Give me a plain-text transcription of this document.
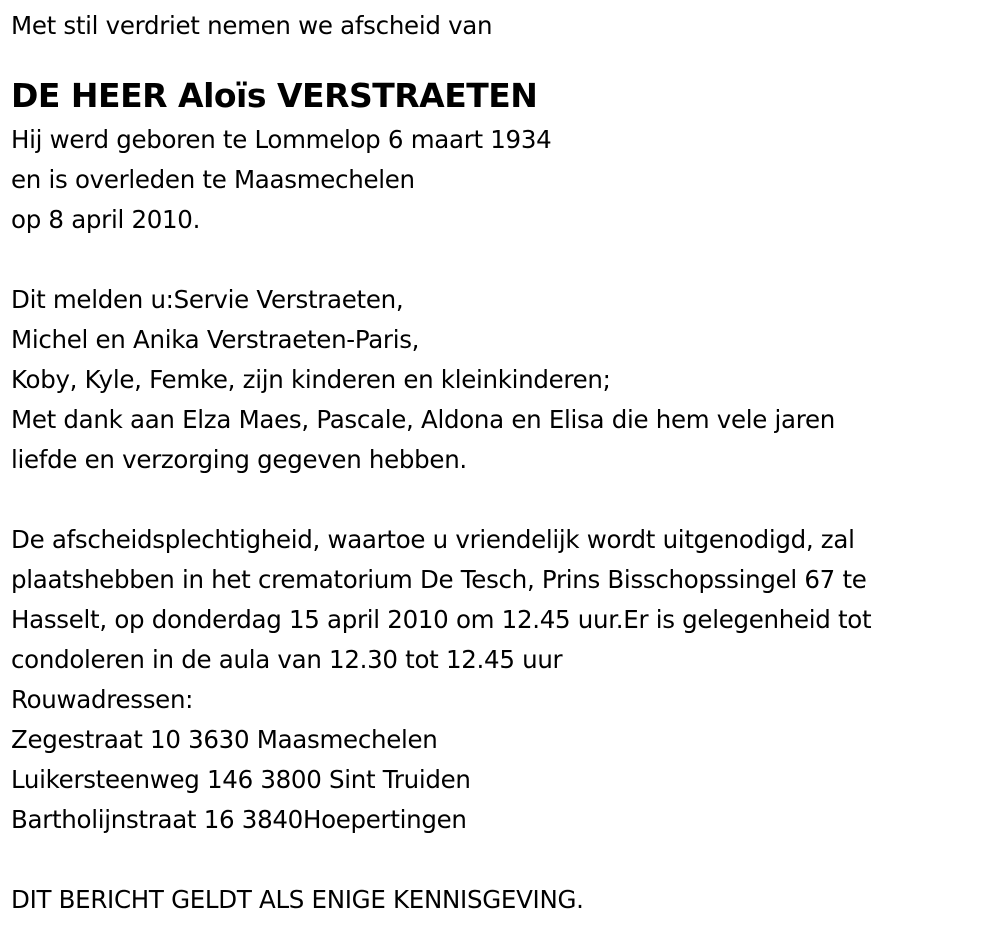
Met stil verdriet nemen we afscheid van
DE HEER Aloïs VERSTRAETEN
Hij werd geboren te Lommelop 6 maart 1934
en is overleden te Maasmechelen
op 8 april 2010.
Dit melden u:Servie Verstraeten,
Michel en Anika Verstraeten-Paris,
Koby, Kyle, Femke, zijn kinderen en kleinkinderen;
Met dank aan Elza Maes, Pascale, Aldona en Elisa die hem vele jaren
liefde en verzorging gegeven hebben.
De afscheidsplechtigheid, waartoe u vriendelijk wordt uitgenodigd, zal
plaatshebben in het crematorium De Tesch, Prins Bisschopssingel 67 te
Hasselt, op donderdag 15 april 2010 om 12.45 uur.Er is gelegenheid tot
condoleren in de aula van 12.30 tot 12.45 uur
Rouwadressen:
Zegestraat 10 3630 Maasmechelen
Luikersteenweg 146 3800 Sint Truiden
Bartholijnstraat 16 3840Hoepertingen
DIT BERICHT GELDT ALS ENIGE KENNISGEVING.
